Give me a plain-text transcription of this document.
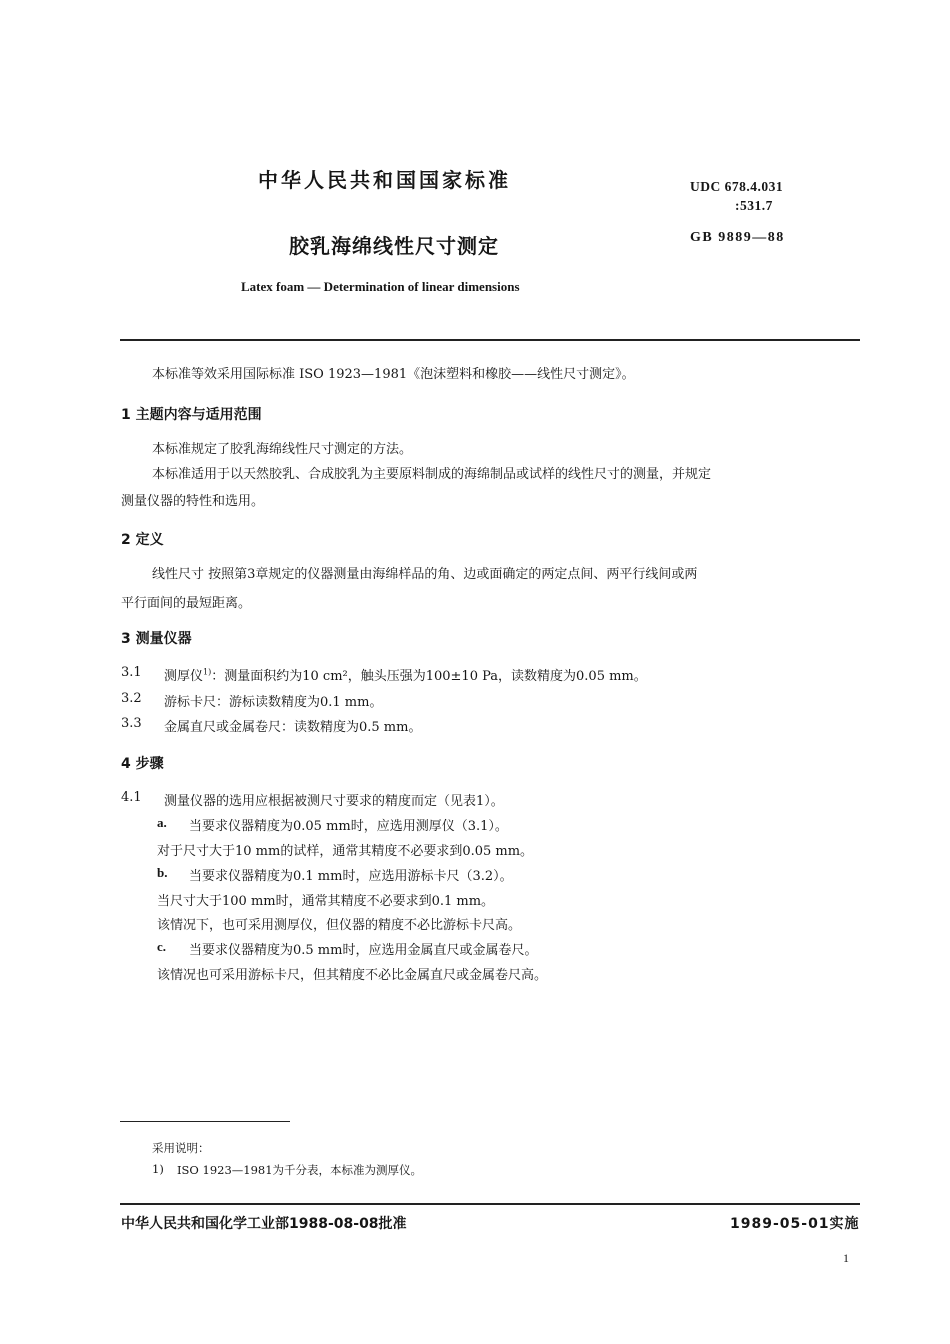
中华人民共和国国家标准
胶乳海绵线性尺寸测定
Latex foam — Determination of linear dimensions
UDC 678.4.031
:531.7
GB 9889—88
本标准等效采用国际标准 ISO 1923—1981《泡沫塑料和橡胶——线性尺寸测定》。
1 主题内容与适用范围
本标准规定了胶乳海绵线性尺寸测定的方法。
本标准适用于以天然胶乳、合成胶乳为主要原料制成的海绵制品或试样的线性尺寸的测量，并规定
测量仪器的特性和选用。
2 定义
线性尺寸 按照第3章规定的仪器测量由海绵样品的角、边或面确定的两定点间、两平行线间或两
平行面间的最短距离。
3 测量仪器
3.1 测厚仪$^{1)}$：测量面积约为10 cm²，触头压强为100±10 Pa，读数精度为0.05 mm。
3.2 游标卡尺：游标读数精度为0.1 mm。
3.3 金属直尺或金属卷尺：读数精度为0.5 mm。
4 步骤
4.1 测量仪器的选用应根据被测尺寸要求的精度而定（见表1）。
a. 当要求仪器精度为0.05 mm时，应选用测厚仪（3.1）。
对于尺寸大于10 mm的试样，通常其精度不必要求到0.05 mm。
b. 当要求仪器精度为0.1 mm时，应选用游标卡尺（3.2）。
当尺寸大于100 mm时，通常其精度不必要求到0.1 mm。
该情况下，也可采用测厚仪，但仪器的精度不必比游标卡尺高。
c. 当要求仪器精度为0.5 mm时，应选用金属直尺或金属卷尺。
该情况也可采用游标卡尺，但其精度不必比金属直尺或金属卷尺高。
采用说明：
1) ISO 1923—1981为千分表，本标准为测厚仪。
中华人民共和国化学工业部1988-08-08批准	1989-05-01实施
1
